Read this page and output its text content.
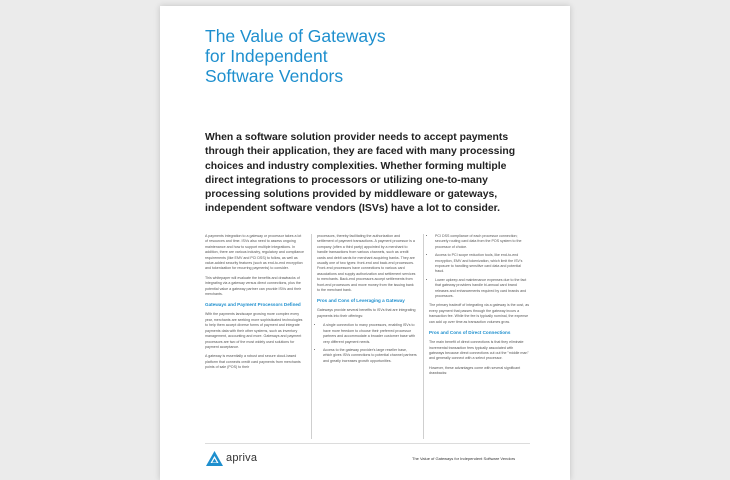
The Value of Gateways
for Independent
Software Vendors
When a software solution provider needs to accept payments through their application, they are faced with many processing choices and industry complexities. Whether forming multiple direct integrations to processors or utilizing one-to-many processing solutions provided by middleware or gateways, independent software vendors (ISVs) have a lot to consider.

A payments integration to a gateway or processor takes a lot of resources and time. ISVs also need to assess ongoing maintenance and how to support multiple integrations. In addition, there are various industry, regulatory and compliance requirements (like EMV and PCI DSS) to follow, as well as value-added security features (such as end-to-end encryption and tokenization for recurring payments) to consider.

This whitepaper will evaluate the benefits and drawbacks of integrating via a gateway versus direct connections, plus the potential value a gateway partner can provide ISVs and their merchants.

Gateways and Payment Processors Defined

With the payments landscape growing more complex every year, merchants are seeking more sophisticated technologies to help them accept diverse forms of payment and integrate payments data with their other systems, such as inventory management, accounting and more. Gateways and payment processors are two of the most widely used solutions for payment acceptance.

A gateway is essentially a robust and secure cloud-based platform that connects credit card payments from merchants points of sale (POS) to their

processors, thereby facilitating the authorization and settlement of payment transactions. A payment processor is a company (often a third party) appointed by a merchant to handle transactions from various channels, such as credit cards and debit cards for merchant acquiring banks. They are usually one of two types: front-end and back-end processors. Front-end processors have connections to various card associations and supply authorization and settlement services to merchants. Back-end processors accept settlements from front-end processors and move money from the issuing bank to the merchant bank.

Pros and Cons of Leveraging a Gateway

Gateways provide several benefits to ISVs that are integrating payments into their offerings:

• A single connection to many processors, enabling ISVs to have more freedom to choose their preferred processor partners and accommodate a broader customer base with very different payment needs.
• Access to the gateway provider's large reseller base, which gives ISVs connections to potential channel partners and greatly increases growth opportunities.
• PCI DSS compliance of each processor connection; securely routing card data from the POS system to the processor of choice.
• Access to PCI scope reduction tools, like end-to-end encryption, EMV and tokenization, which limit the ISV's exposure to handling sensitive card data and potential fraud.
• Lower upkeep and maintenance expenses due to the fact that gateway providers handle bi-annual card brand releases and enhancements required by card brands and processors.

The primary tradeoff of integrating via a gateway is the cost, as every payment that passes through the gateway incurs a transaction fee. While the fee is typically nominal, the expense can add up over time as transaction volumes grow.

Pros and Cons of Direct Connections

The main benefit of direct connections is that they eliminate incremental transaction fees typically associated with gateways because direct connections cut out the "middle man" and generally connect with a select processor.

However, these advantages come with several significant drawbacks:

apriva	The Value of Gateways for Independent Software Vendors
